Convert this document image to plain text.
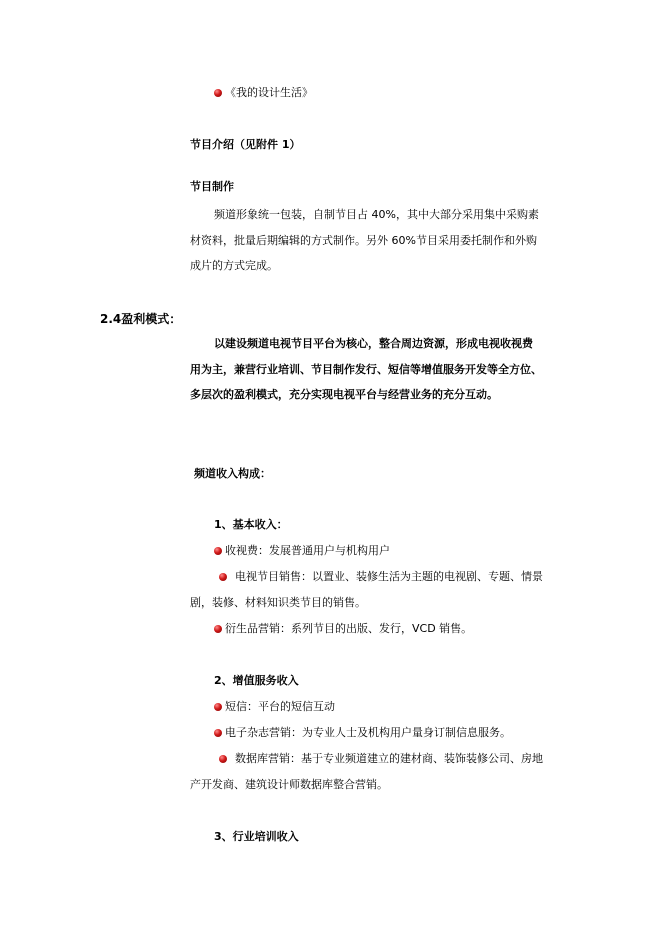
《我的设计生活》
节目介绍（见附件 1）
节目制作
频道形象统一包装，自制节目占 40%，其中大部分采用集中采购素
材资料，批量后期编辑的方式制作。另外 60%节目采用委托制作和外购
成片的方式完成。
2.4盈利模式：
以建设频道电视节目平台为核心，整合周边资源，形成电视收视费
用为主，兼营行业培训、节目制作发行、短信等增值服务开发等全方位、
多层次的盈利模式，充分实现电视平台与经营业务的充分互动。
频道收入构成：
1、基本收入：
收视费：发展普通用户与机构用户
电视节目销售：以置业、装修生活为主题的电视剧、专题、情景
剧，装修、材料知识类节目的销售。
衍生品营销：系列节目的出版、发行，VCD 销售。
2、增值服务收入
短信：平台的短信互动
电子杂志营销：为专业人士及机构用户量身订制信息服务。
数据库营销：基于专业频道建立的建材商、装饰装修公司、房地
产开发商、建筑设计师数据库整合营销。
3、行业培训收入
